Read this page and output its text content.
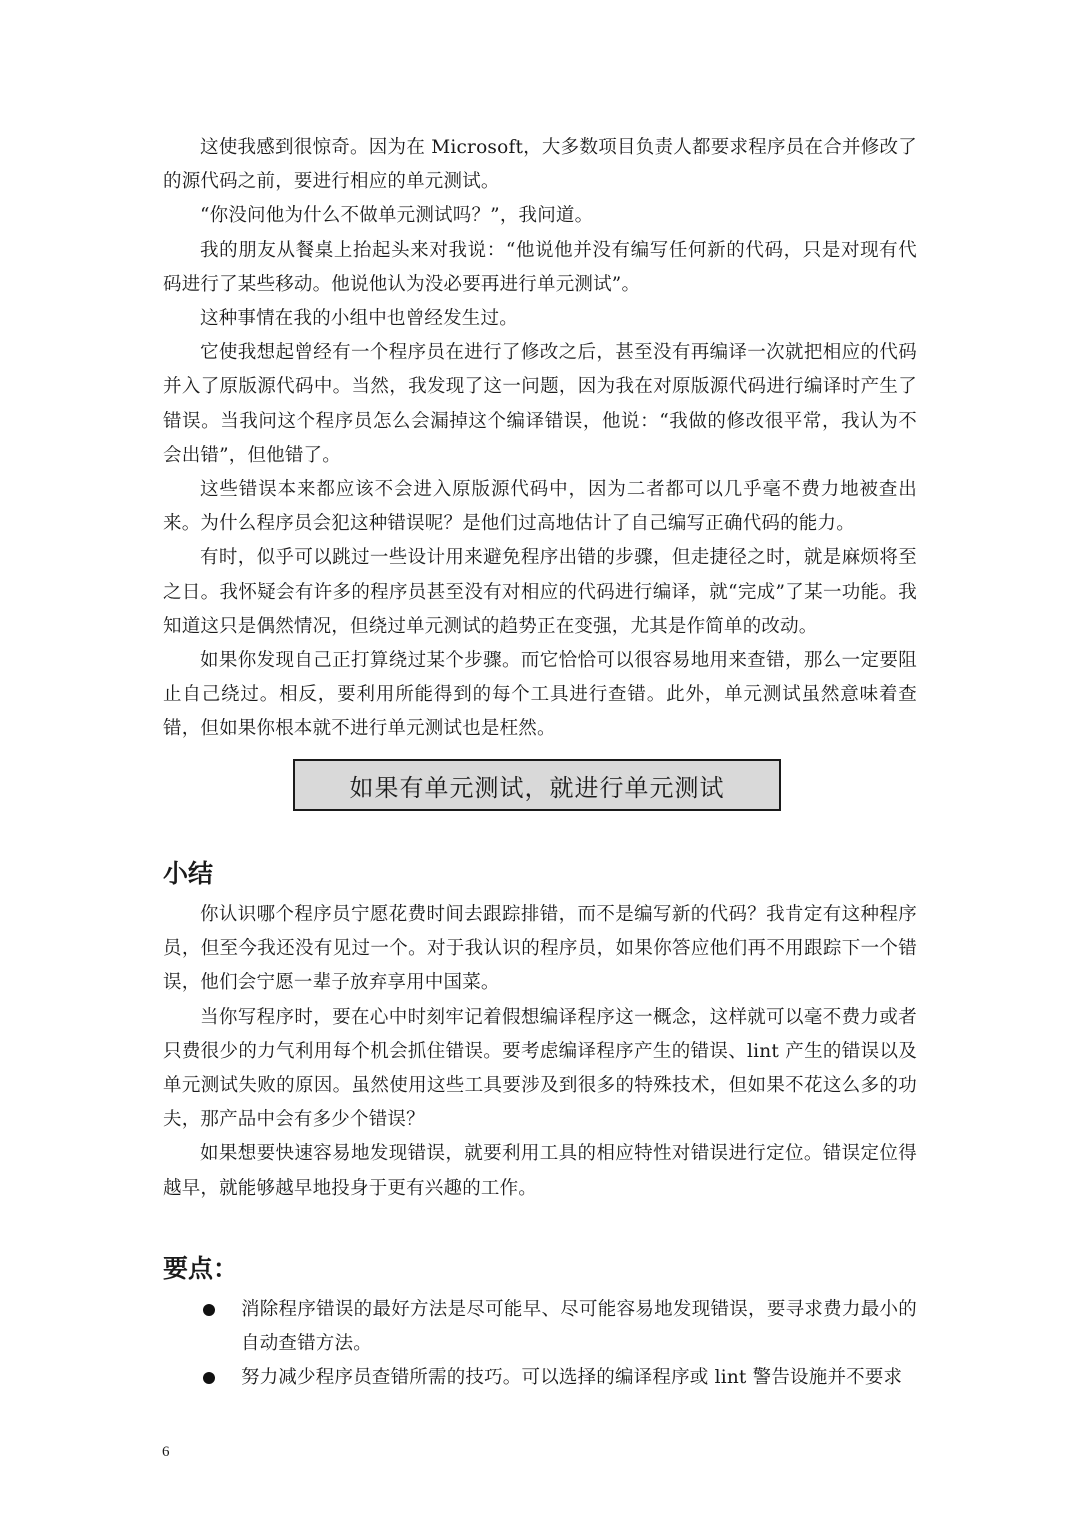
这使我感到很惊奇。因为在 Microsoft，大多数项目负责人都要求程序员在合并修改了的源代码之前，要进行相应的单元测试。

“你没问他为什么不做单元测试吗？”，我问道。

我的朋友从餐桌上抬起头来对我说：“他说他并没有编写任何新的代码，只是对现有代码进行了某些移动。他说他认为没必要再进行单元测试”。

这种事情在我的小组中也曾经发生过。

它使我想起曾经有一个程序员在进行了修改之后，甚至没有再编译一次就把相应的代码并入了原版源代码中。当然，我发现了这一问题，因为我在对原版源代码进行编译时产生了错误。当我问这个程序员怎么会漏掉这个编译错误，他说：“我做的修改很平常，我认为不会出错”，但他错了。

这些错误本来都应该不会进入原版源代码中，因为二者都可以几乎毫不费力地被查出来。为什么程序员会犯这种错误呢？是他们过高地估计了自己编写正确代码的能力。

有时，似乎可以跳过一些设计用来避免程序出错的步骤，但走捷径之时，就是麻烦将至之日。我怀疑会有许多的程序员甚至没有对相应的代码进行编译，就“完成”了某一功能。我知道这只是偶然情况，但绕过单元测试的趋势正在变强，尤其是作简单的改动。

如果你发现自己正打算绕过某个步骤。而它恰恰可以很容易地用来查错，那么一定要阻止自己绕过。相反，要利用所能得到的每个工具进行查错。此外，单元测试虽然意味着查错，但如果你根本就不进行单元测试也是枉然。

如果有单元测试，就进行单元测试
小结

你认识哪个程序员宁愿花费时间去跟踪排错，而不是编写新的代码？我肯定有这种程序员，但至今我还没有见过一个。对于我认识的程序员，如果你答应他们再不用跟踪下一个错误，他们会宁愿一辈子放弃享用中国菜。

当你写程序时，要在心中时刻牢记着假想编译程序这一概念，这样就可以毫不费力或者只费很少的力气利用每个机会抓住错误。要考虑编译程序产生的错误、lint 产生的错误以及单元测试失败的原因。虽然使用这些工具要涉及到很多的特殊技术，但如果不花这么多的功夫，那产品中会有多少个错误？

如果想要快速容易地发现错误，就要利用工具的相应特性对错误进行定位。错误定位得越早，就能够越早地投身于更有兴趣的工作。

要点：
消除程序错误的最好方法是尽可能早、尽可能容易地发现错误，要寻求费力最小的自动查错方法。
努力减少程序员查错所需的技巧。可以选择的编译程序或 lint 警告设施并不要求
6
